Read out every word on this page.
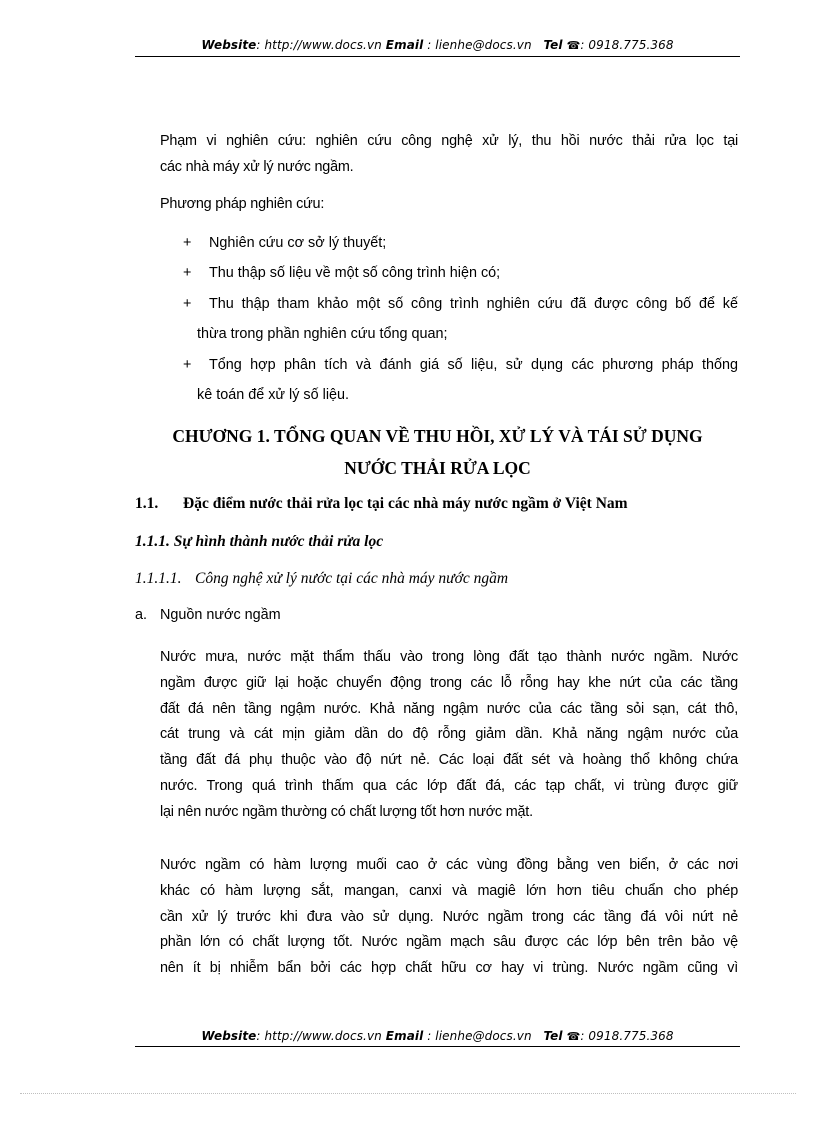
Website: http://www.docs.vn Email : lienhe@docs.vn Tel ☎: 0918.775.368
Phạm vi nghiên cứu: nghiên cứu công nghệ xử lý, thu hồi nước thải rửa lọc tại
các nhà máy xử lý nước ngầm.
Phương pháp nghiên cứu:
+ Nghiên cứu cơ sở lý thuyết;
+ Thu thập số liệu về một số công trình hiện có;
+ Thu thập tham khảo một số công trình nghiên cứu đã được công bố để kế
thừa trong phần nghiên cứu tổng quan;
+ Tổng hợp phân tích và đánh giá số liệu, sử dụng các phương pháp thống
kê toán để xử lý số liệu.
CHƯƠNG 1. TỔNG QUAN VỀ THU HỒI, XỬ LÝ VÀ TÁI SỬ DỤNG
NƯỚC THẢI RỬA LỌC
1.1. Đặc điểm nước thải rửa lọc tại các nhà máy nước ngầm ở Việt Nam
1.1.1. Sự hình thành nước thải rửa lọc
1.1.1.1. Công nghệ xử lý nước tại các nhà máy nước ngầm
a. Nguồn nước ngầm
Nước mưa, nước mặt thẩm thấu vào trong lòng đất tạo thành nước ngầm. Nước
ngầm được giữ lại hoặc chuyển động trong các lỗ rỗng hay khe nứt của các tầng
đất đá nên tầng ngậm nước. Khả năng ngậm nước của các tầng sỏi sạn, cát thô,
cát trung và cát mịn giảm dần do độ rỗng giảm dần. Khả năng ngậm nước của
tầng đất đá phụ thuộc vào độ nứt nẻ. Các loại đất sét và hoàng thổ không chứa
nước. Trong quá trình thấm qua các lớp đất đá, các tạp chất, vi trùng được giữ
lại nên nước ngầm thường có chất lượng tốt hơn nước mặt.
Nước ngầm có hàm lượng muối cao ở các vùng đồng bằng ven biển, ở các nơi
khác có hàm lượng sắt, mangan, canxi và magiê lớn hơn tiêu chuẩn cho phép
cần xử lý trước khi đưa vào sử dụng. Nước ngầm trong các tầng đá vôi nứt nẻ
phần lớn có chất lượng tốt. Nước ngầm mạch sâu được các lớp bên trên bảo vệ
nên ít bị nhiễm bẩn bởi các hợp chất hữu cơ hay vi trùng. Nước ngầm cũng vì
Website: http://www.docs.vn Email : lienhe@docs.vn Tel ☎: 0918.775.368
